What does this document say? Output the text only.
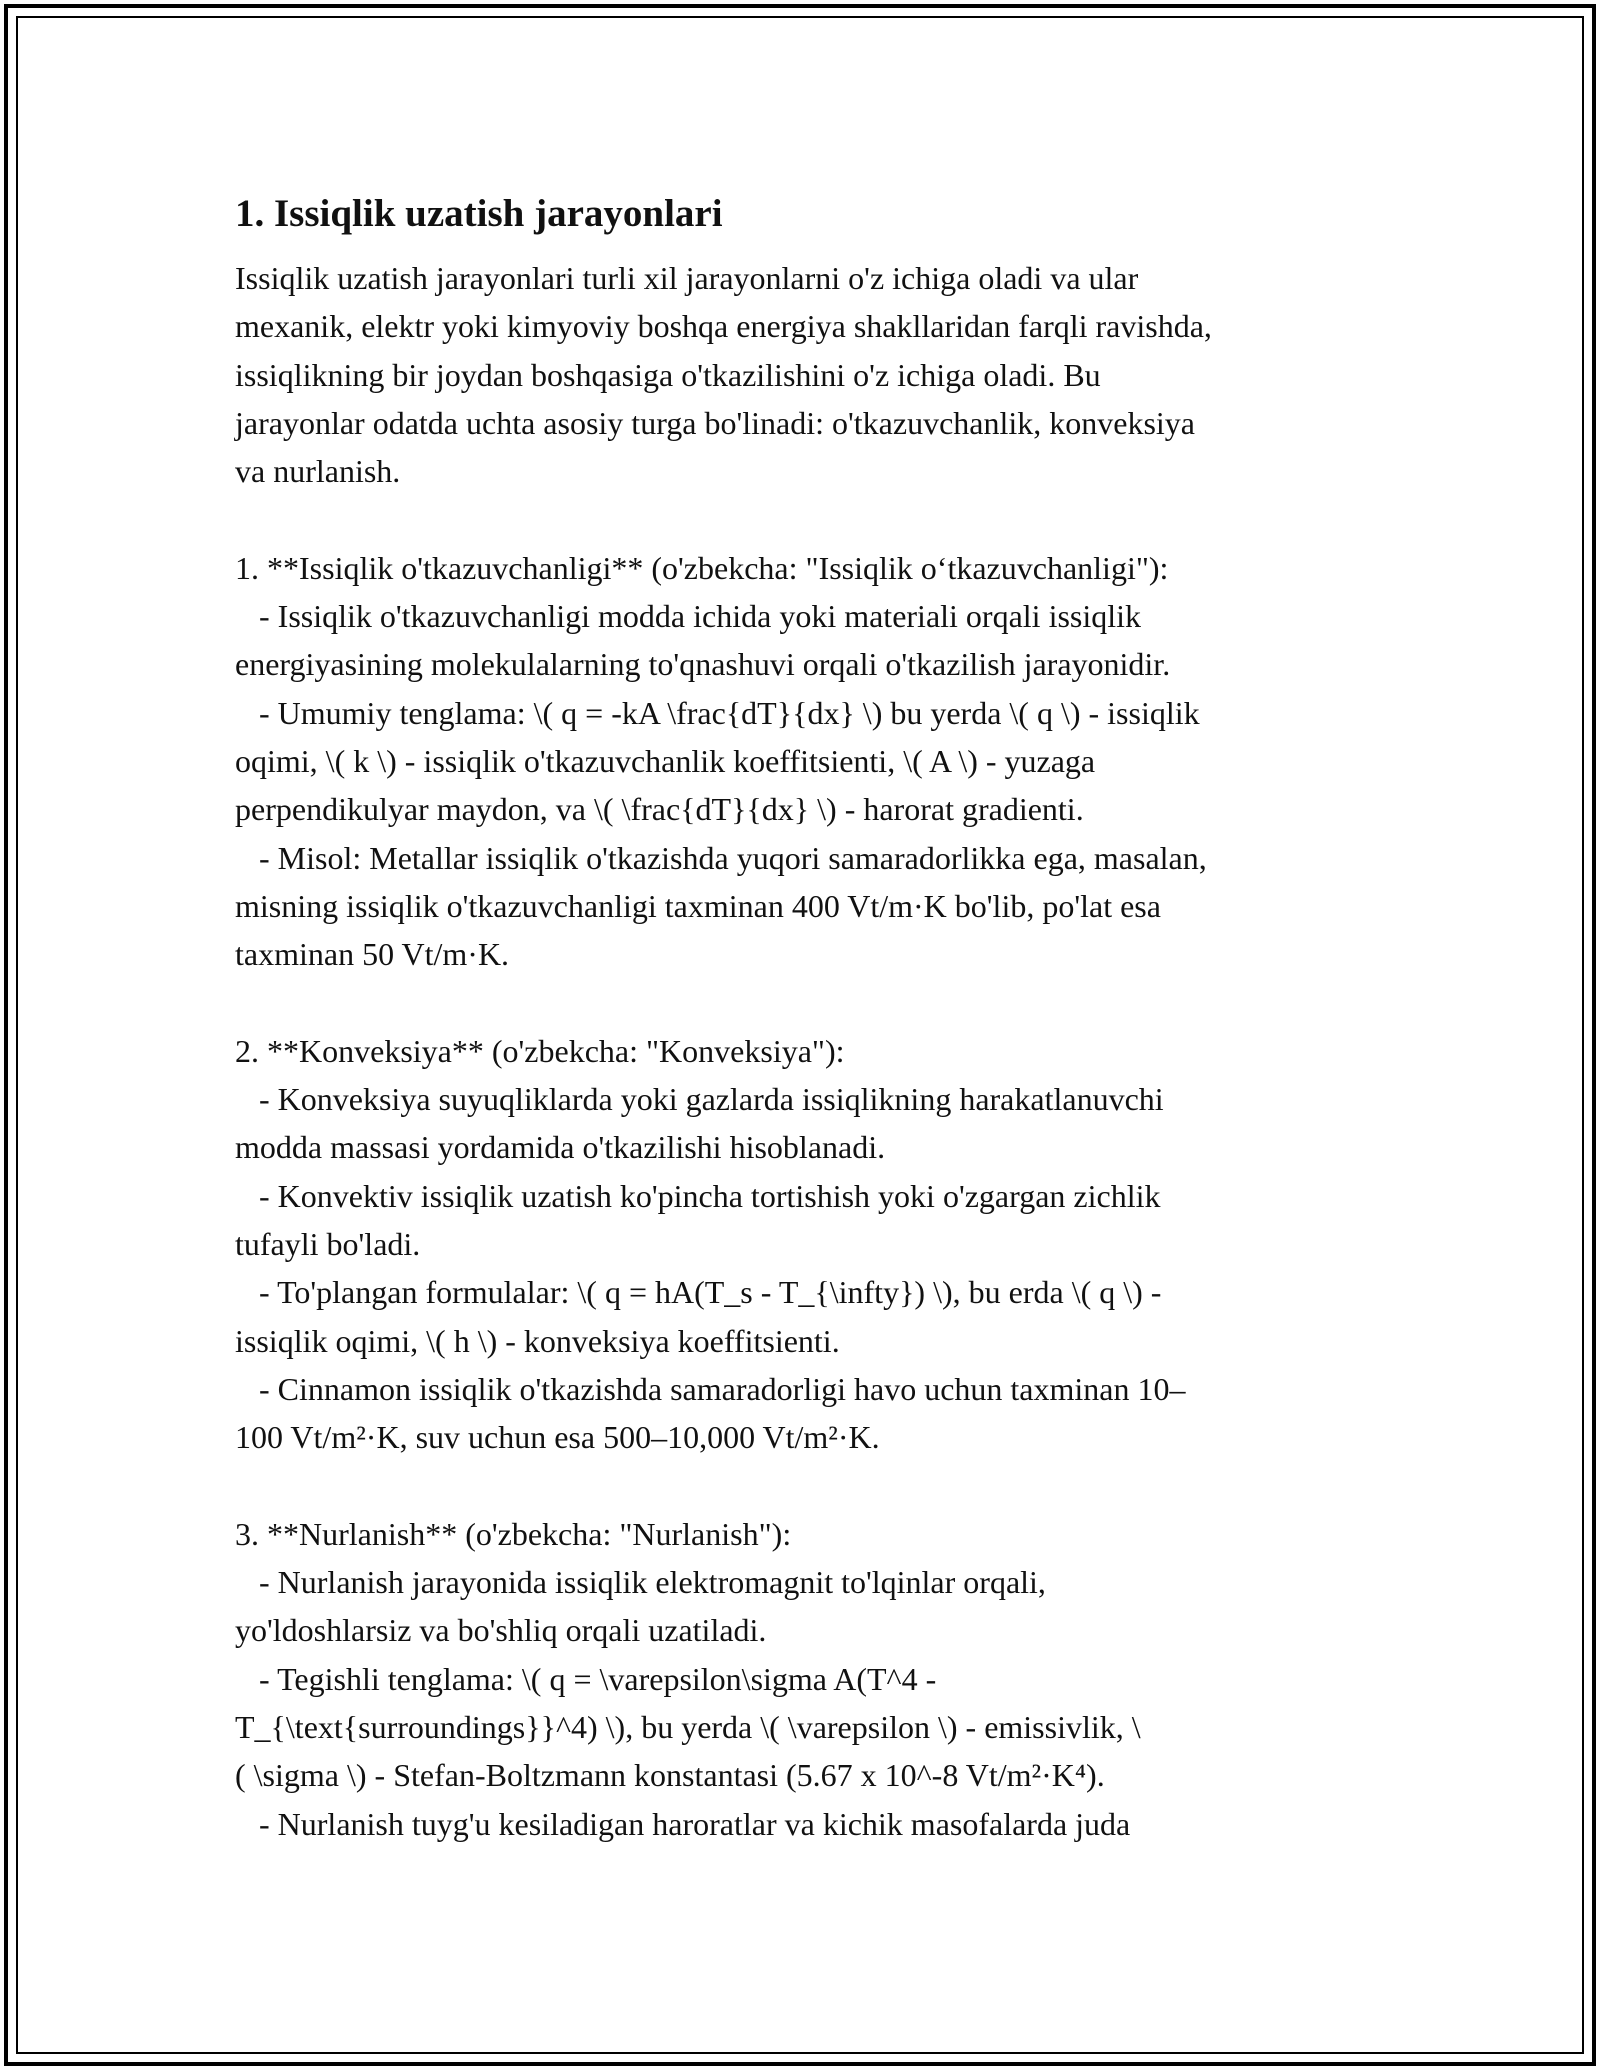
1. Issiqlik uzatish jarayonlari

Issiqlik uzatish jarayonlari turli xil jarayonlarni o'z ichiga oladi va ular
mexanik, elektr yoki kimyoviy boshqa energiya shakllaridan farqli ravishda,
issiqlikning bir joydan boshqasiga o'tkazilishini o'z ichiga oladi. Bu
jarayonlar odatda uchta asosiy turga bo'linadi: o'tkazuvchanlik, konveksiya
va nurlanish.

1. **Issiqlik o'tkazuvchanligi** (o'zbekcha: "Issiqlik o‘tkazuvchanligi"):
- Issiqlik o'tkazuvchanligi modda ichida yoki materiali orqali issiqlik
energiyasining molekulalarning to'qnashuvi orqali o'tkazilish jarayonidir.
- Umumiy tenglama: \( q = -kA \frac{dT}{dx} \) bu yerda \( q \) - issiqlik
oqimi, \( k \) - issiqlik o'tkazuvchanlik koeffitsienti, \( A \) - yuzaga
perpendikulyar maydon, va \( \frac{dT}{dx} \) - harorat gradienti.
- Misol: Metallar issiqlik o'tkazishda yuqori samaradorlikka ega, masalan,
misning issiqlik o'tkazuvchanligi taxminan 400 Vt/m·K bo'lib, po'lat esa
taxminan 50 Vt/m·K.

2. **Konveksiya** (o'zbekcha: "Konveksiya"):
- Konveksiya suyuqliklarda yoki gazlarda issiqlikning harakatlanuvchi
modda massasi yordamida o'tkazilishi hisoblanadi.
- Konvektiv issiqlik uzatish ko'pincha tortishish yoki o'zgargan zichlik
tufayli bo'ladi.
- To'plangan formulalar: \( q = hA(T_s - T_{\infty}) \), bu erda \( q \) -
issiqlik oqimi, \( h \) - konveksiya koeffitsienti.
- Cinnamon issiqlik o'tkazishda samaradorligi havo uchun taxminan 10–
100 Vt/m²·K, suv uchun esa 500–10,000 Vt/m²·K.

3. **Nurlanish** (o'zbekcha: "Nurlanish"):
- Nurlanish jarayonida issiqlik elektromagnit to'lqinlar orqali,
yo'ldoshlarsiz va bo'shliq orqali uzatiladi.
- Tegishli tenglama: \( q = \varepsilon\sigma A(T^4 -
T_{\text{surroundings}}^4) \), bu yerda \( \varepsilon \) - emissivlik, \
( \sigma \) - Stefan-Boltzmann konstantasi (5.67 x 10^-8 Vt/m²·K⁴).
- Nurlanish tuyg'u kesiladigan haroratlar va kichik masofalarda juda
